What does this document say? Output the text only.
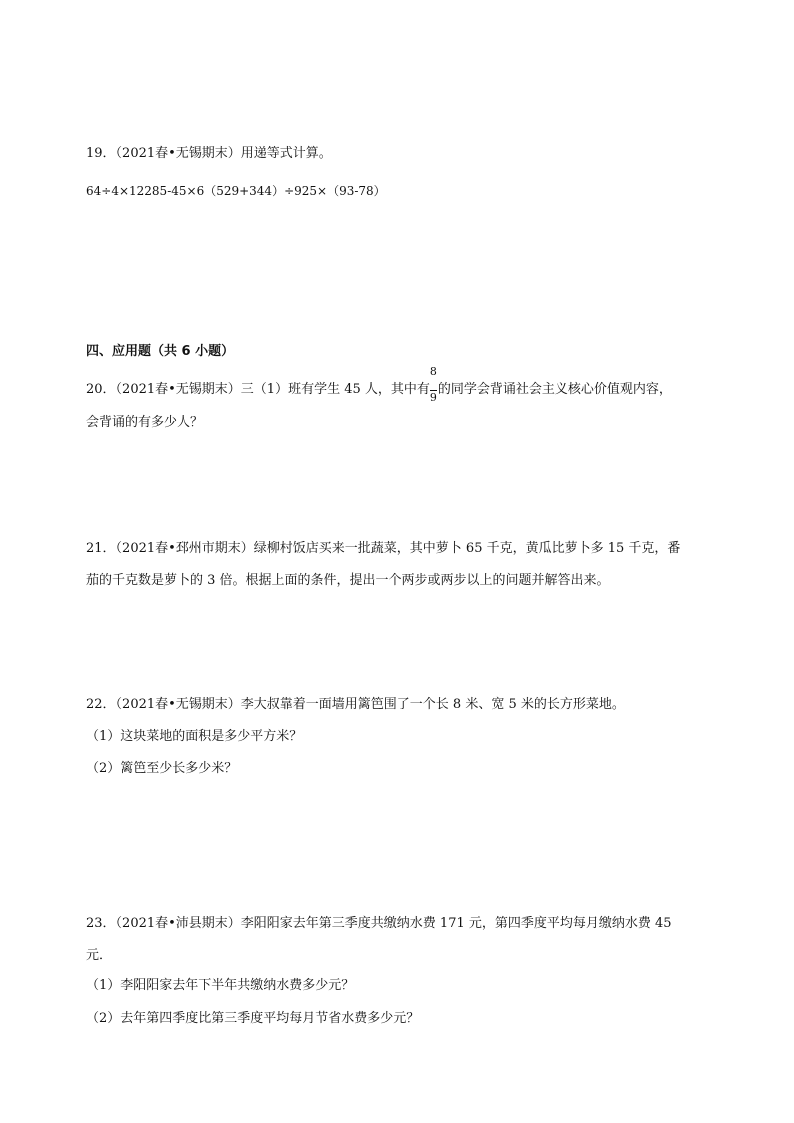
19．（2021春•无锡期末）用递等式计算。
64÷4×12285-45×6（529+344）÷925×（93-78）
四、应用题（共 6 小题）
20．（2021春•无锡期末）三（1）班有学生 45 人，其中有 $\frac{8}{9}$ 的同学会背诵社会主义核心价值观内容，
会背诵的有多少人？
21．（2021春•邳州市期末）绿柳村饭店买来一批蔬菜，其中萝卜 65 千克，黄瓜比萝卜多 15 千克，番
茄的千克数是萝卜的 3 倍。根据上面的条件，提出一个两步或两步以上的问题并解答出来。
22．（2021春•无锡期末）李大叔靠着一面墙用篱笆围了一个长 8 米、宽 5 米的长方形菜地。
（1）这块菜地的面积是多少平方米？
（2）篱笆至少长多少米？
23．（2021春•沛县期末）李阳阳家去年第三季度共缴纳水费 171 元，第四季度平均每月缴纳水费 45
元．
（1）李阳阳家去年下半年共缴纳水费多少元？
（2）去年第四季度比第三季度平均每月节省水费多少元？
